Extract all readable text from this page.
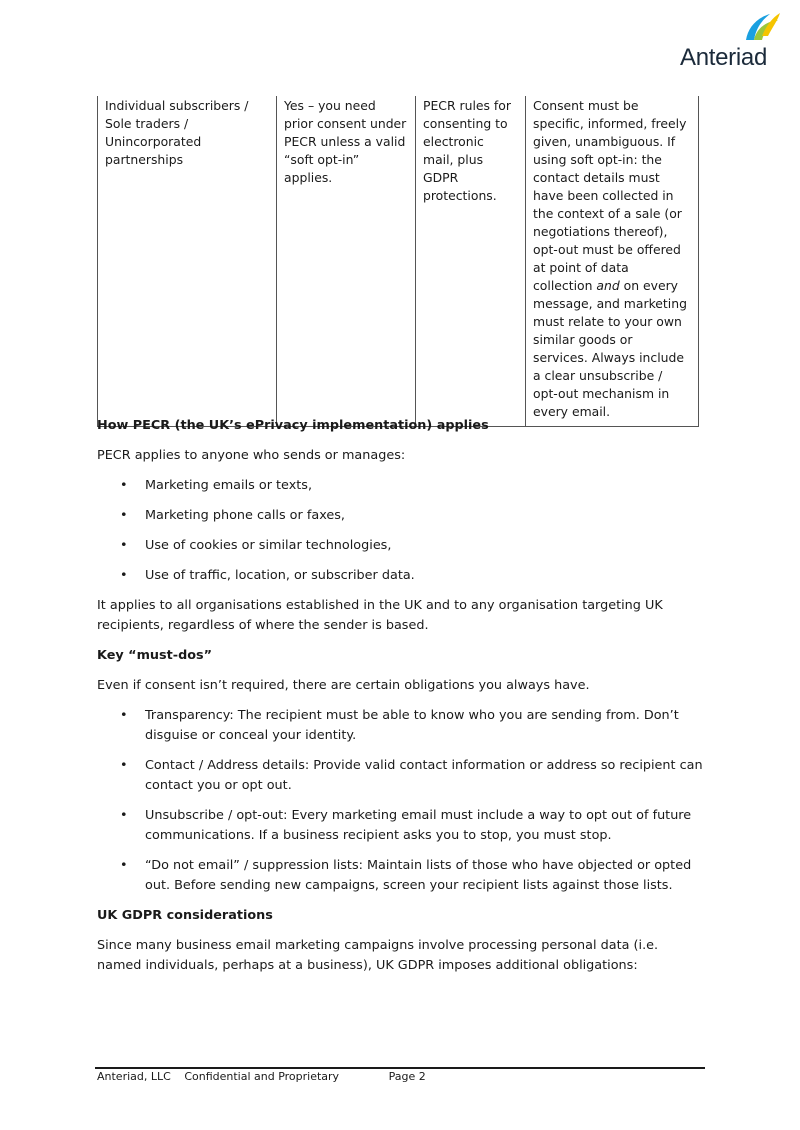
Anteriad
Individual subscribers / Sole traders / Unincorporated partnerships	Yes – you need prior consent under PECR unless a valid “soft opt-in” applies.	PECR rules for consenting to electronic mail, plus GDPR protections.	Consent must be specific, informed, freely given, unambiguous. If using soft opt-in: the contact details must have been collected in the context of a sale (or negotiations thereof), opt-out must be offered at point of data collection and on every message, and marketing must relate to your own similar goods or services. Always include a clear unsubscribe / opt-out mechanism in every email.

How PECR (the UK’s ePrivacy implementation) applies

PECR applies to anyone who sends or manages:

• Marketing emails or texts,
• Marketing phone calls or faxes,
• Use of cookies or similar technologies,
• Use of traffic, location, or subscriber data.

It applies to all organisations established in the UK and to any organisation targeting UK recipients, regardless of where the sender is based.

Key “must-dos”

Even if consent isn’t required, there are certain obligations you always have.

• Transparency: The recipient must be able to know who you are sending from. Don’t disguise or conceal your identity.
• Contact / Address details: Provide valid contact information or address so recipient can contact you or opt out.
• Unsubscribe / opt-out: Every marketing email must include a way to opt out of future communications. If a business recipient asks you to stop, you must stop.
• “Do not email” / suppression lists: Maintain lists of those who have objected or opted out. Before sending new campaigns, screen your recipient lists against those lists.

UK GDPR considerations

Since many business email marketing campaigns involve processing personal data (i.e. named individuals, perhaps at a business), UK GDPR imposes additional obligations:

Anteriad, LLC Confidential and Proprietary	Page 2
